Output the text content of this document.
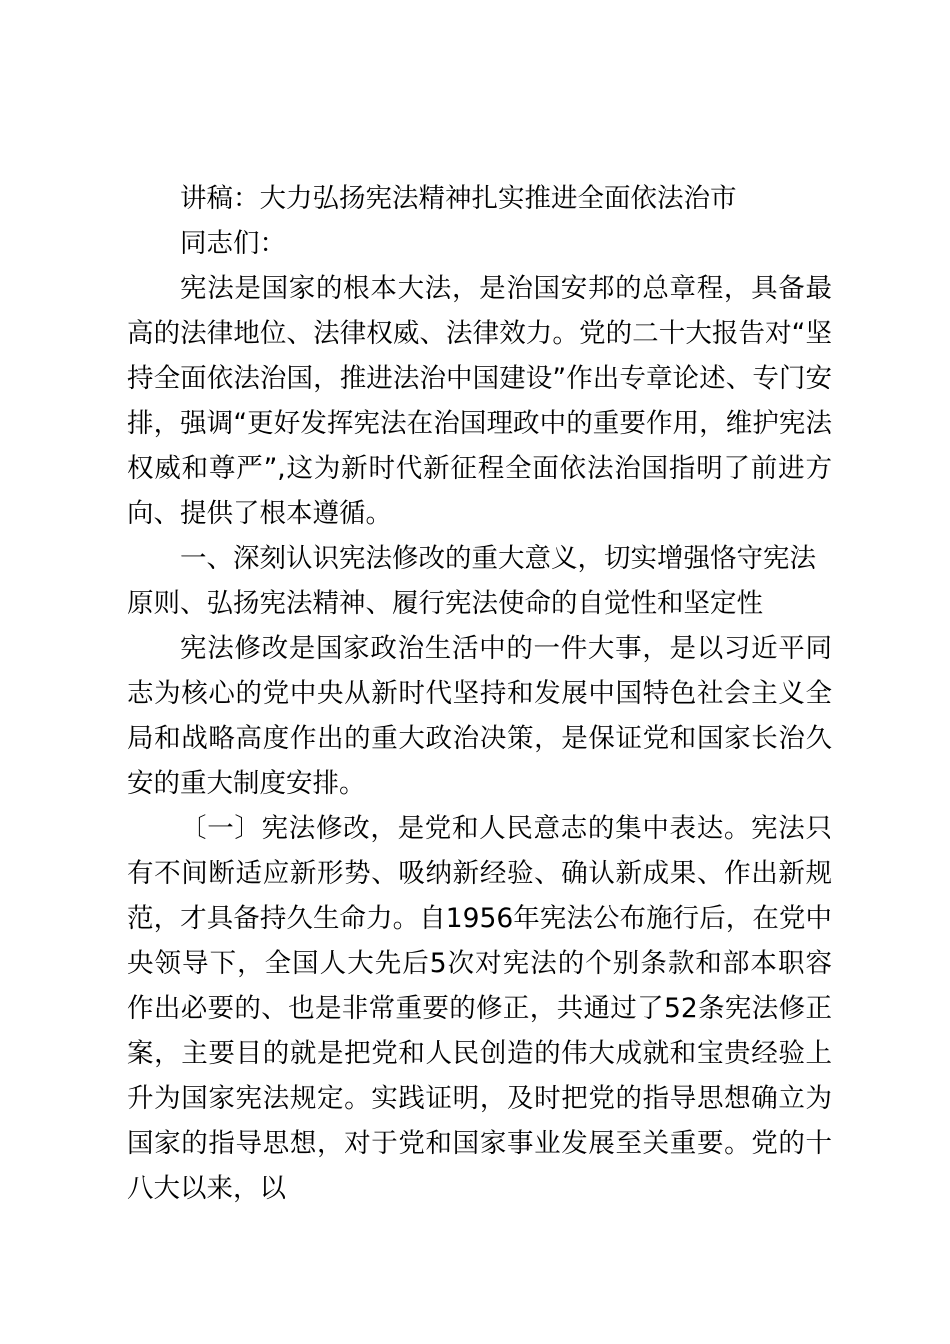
讲稿：大力弘扬宪法精神扎实推进全面依法治市

同志们：

宪法是国家的根本大法，是治国安邦的总章程，具备最高的法律地位、法律权威、法律效力。党的二十大报告对“坚持全面依法治国，推进法治中国建设”作出专章论述、专门安排，强调“更好发挥宪法在治国理政中的重要作用，维护宪法权威和尊严”,这为新时代新征程全面依法治国指明了前进方向、提供了根本遵循。

一、深刻认识宪法修改的重大意义，切实增强恪守宪法原则、弘扬宪法精神、履行宪法使命的自觉性和坚定性

宪法修改是国家政治生活中的一件大事，是以习近平同志为核心的党中央从新时代坚持和发展中国特色社会主义全局和战略高度作出的重大政治决策，是保证党和国家长治久安的重大制度安排。

〔一〕宪法修改，是党和人民意志的集中表达。宪法只有不间断适应新形势、吸纳新经验、确认新成果、作出新规范，才具备持久生命力。自1956年宪法公布施行后，在党中央领导下，全国人大先后5次对宪法的个别条款和部本职容作出必要的、也是非常重要的修正，共通过了52条宪法修正案，主要目的就是把党和人民创造的伟大成就和宝贵经验上升为国家宪法规定。实践证明，及时把党的指导思想确立为国家的指导思想，对于党和国家事业发展至关重要。党的十八大以来，以
